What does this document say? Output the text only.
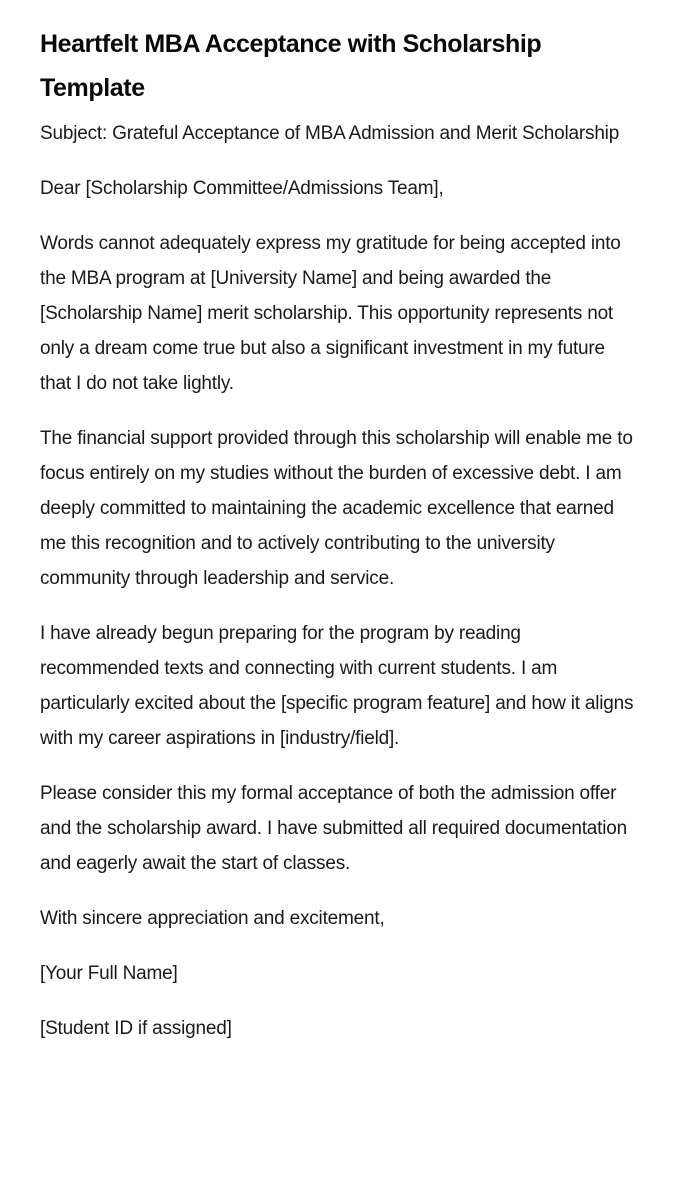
Heartfelt MBA Acceptance with Scholarship Template

Subject: Grateful Acceptance of MBA Admission and Merit Scholarship

Dear [Scholarship Committee/Admissions Team],

Words cannot adequately express my gratitude for being accepted into the MBA program at [University Name] and being awarded the [Scholarship Name] merit scholarship. This opportunity represents not only a dream come true but also a significant investment in my future that I do not take lightly.

The financial support provided through this scholarship will enable me to focus entirely on my studies without the burden of excessive debt. I am deeply committed to maintaining the academic excellence that earned me this recognition and to actively contributing to the university community through leadership and service.

I have already begun preparing for the program by reading recommended texts and connecting with current students. I am particularly excited about the [specific program feature] and how it aligns with my career aspirations in [industry/field].

Please consider this my formal acceptance of both the admission offer and the scholarship award. I have submitted all required documentation and eagerly await the start of classes.

With sincere appreciation and excitement,

[Your Full Name]

[Student ID if assigned]
